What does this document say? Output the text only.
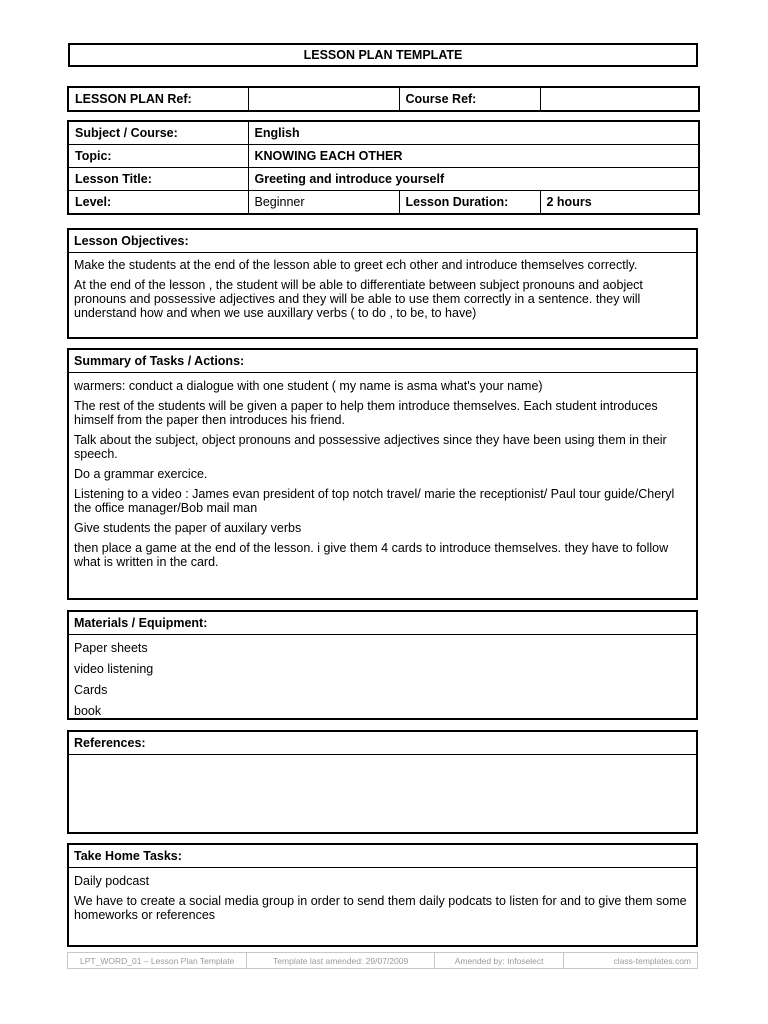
LESSON PLAN TEMPLATE
LESSON PLAN Ref:		Course Ref:	
Subject / Course:	English		
Topic:	KNOWING EACH OTHER		
Lesson Title:	Greeting and introduce yourself		
Level:	Beginner	Lesson Duration:	2 hours
Lesson Objectives:

Make the students at the end of the lesson able to greet ech other and introduce themselves correctly.

At the end of the lesson , the student will be able to differentiate between subject pronouns and aobject pronouns and possessive adjectives and they will be able to use them correctly in a sentence. they will understand how and when we use auxillary verbs ( to do , to be, to have)

Summary of Tasks / Actions:

warmers: conduct a dialogue with one student ( my name is asma what's your name)

The rest of the students will be given a paper to help them introduce themselves. Each student introduces himself from the paper then introduces his friend.

Talk about the subject, object pronouns and possessive adjectives since they have been using them in their speech.

Do a grammar exercice.

Listening to a video : James evan president of top notch travel/ marie the receptionist/ Paul tour guide/Cheryl the office manager/Bob mail man

Give students the paper of auxilary verbs

then place a game at the end of the lesson. i give them 4 cards to introduce themselves. they have to follow what is written in the card.

Materials / Equipment:

Paper sheets

video listening

Cards

book

References:
Take Home Tasks:

Daily podcast

We have to create a social media group in order to send them daily podcats to listen for and to give them some homeworks or references

LPT_WORD_01 – Lesson Plan Template	Template last amended: 29/07/2009	Amended by: Infoselect	class-templates.com
